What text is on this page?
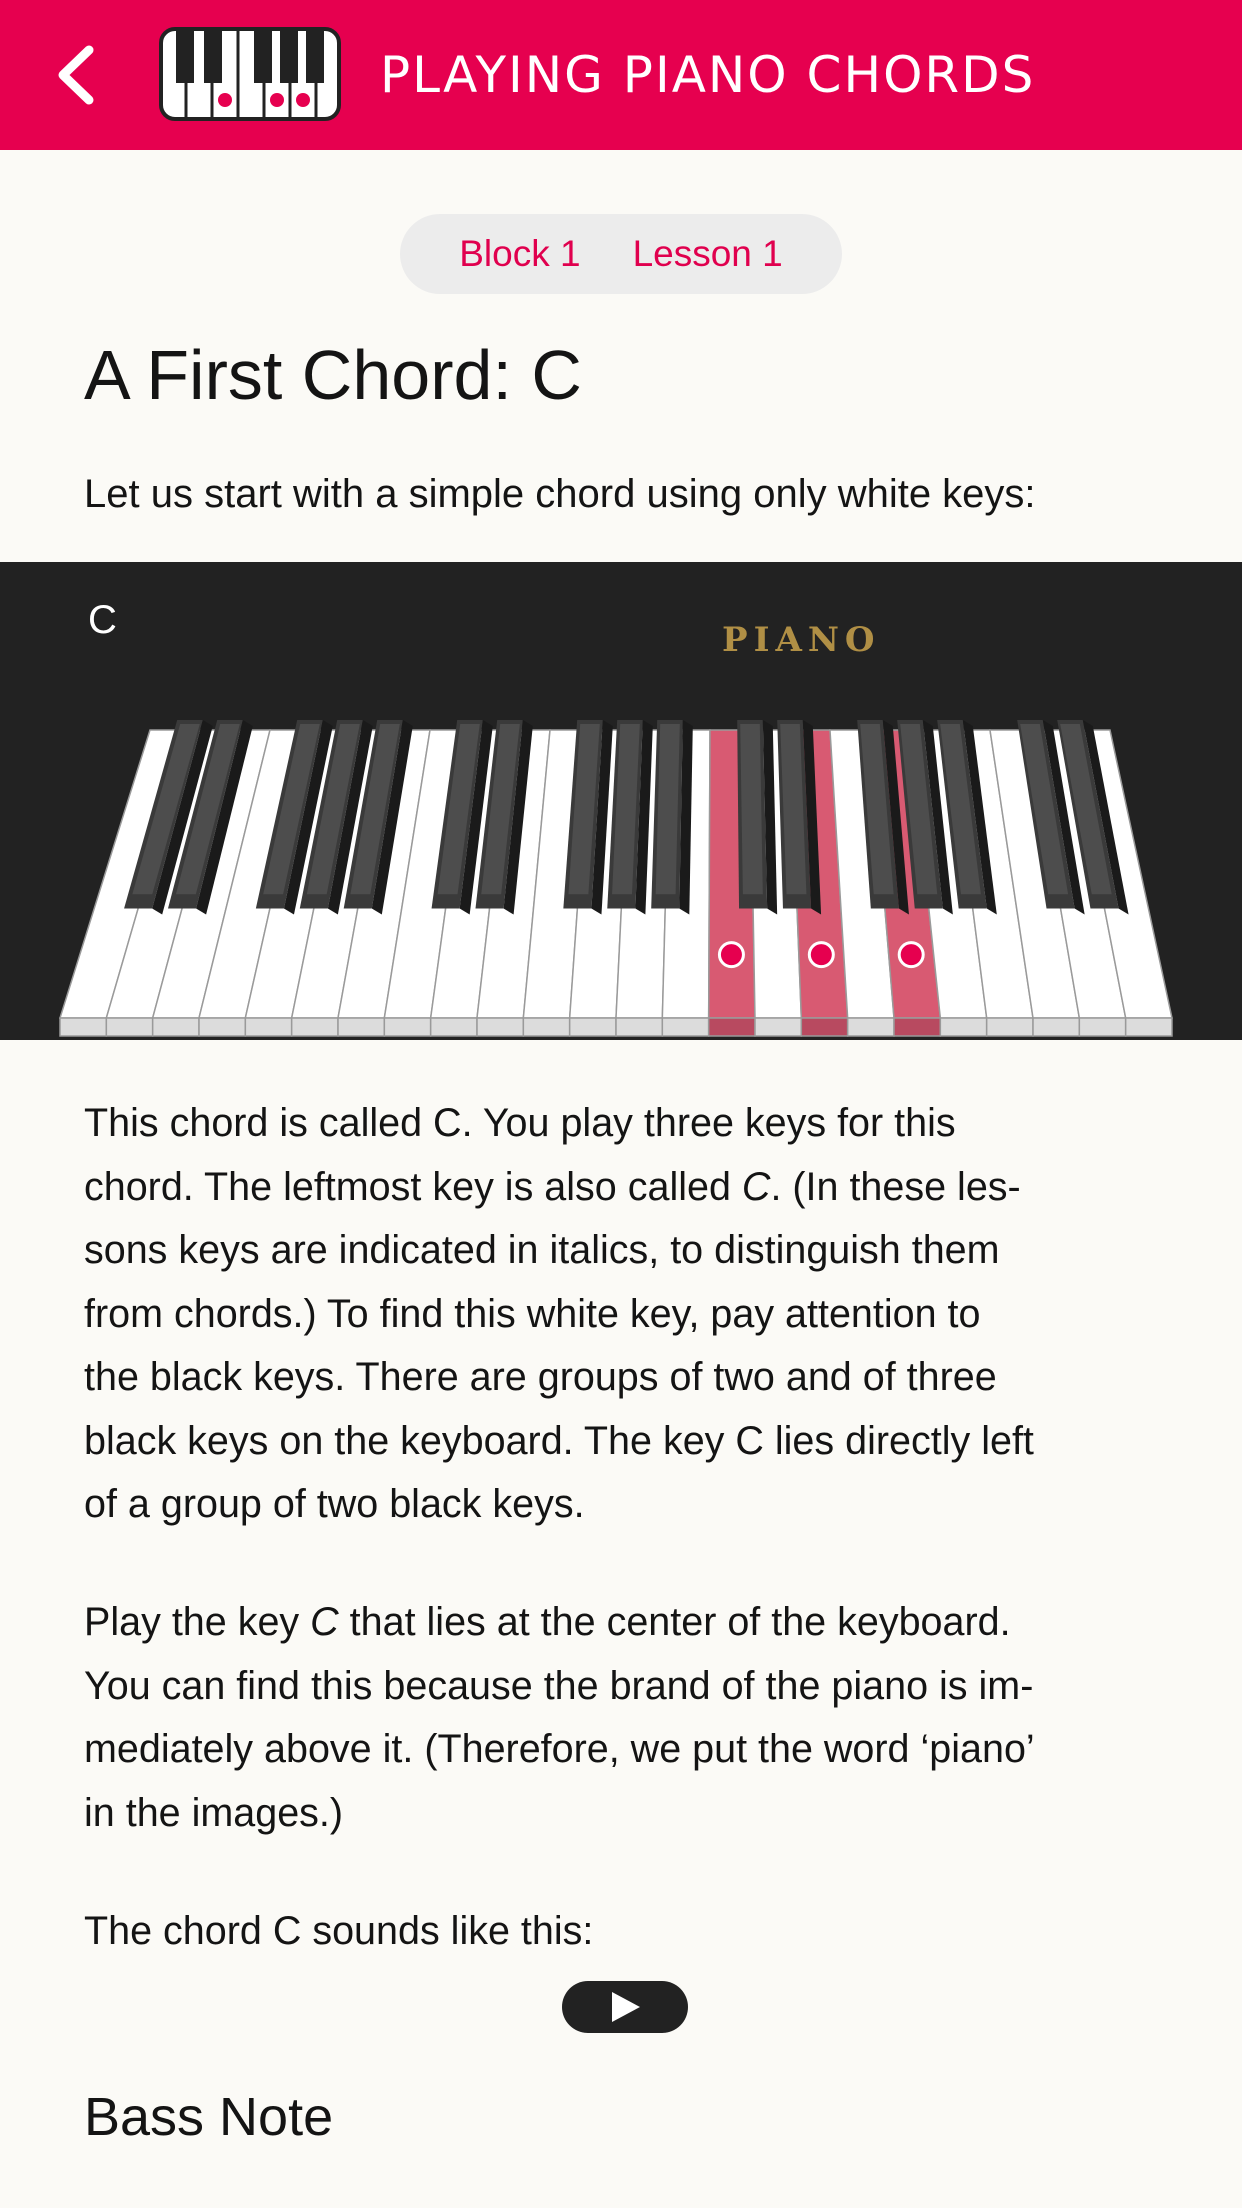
PLAYING PIANO CHORDS
Block 1 Lesson 1
A First Chord: C
Let us start with a simple chord using only white keys:
C	PIANO
This chord is called C. You play three keys for this
chord. The leftmost key is also called C. (In these les-
sons keys are indicated in italics, to distinguish them
from chords.) To find this white key, pay attention to
the black keys. There are groups of two and of three
black keys on the keyboard. The key C lies directly left
of a group of two black keys.
Play the key C that lies at the center of the keyboard.
You can find this because the brand of the piano is im-
mediately above it. (Therefore, we put the word ‘piano’
in the images.)
The chord C sounds like this:
Bass Note
